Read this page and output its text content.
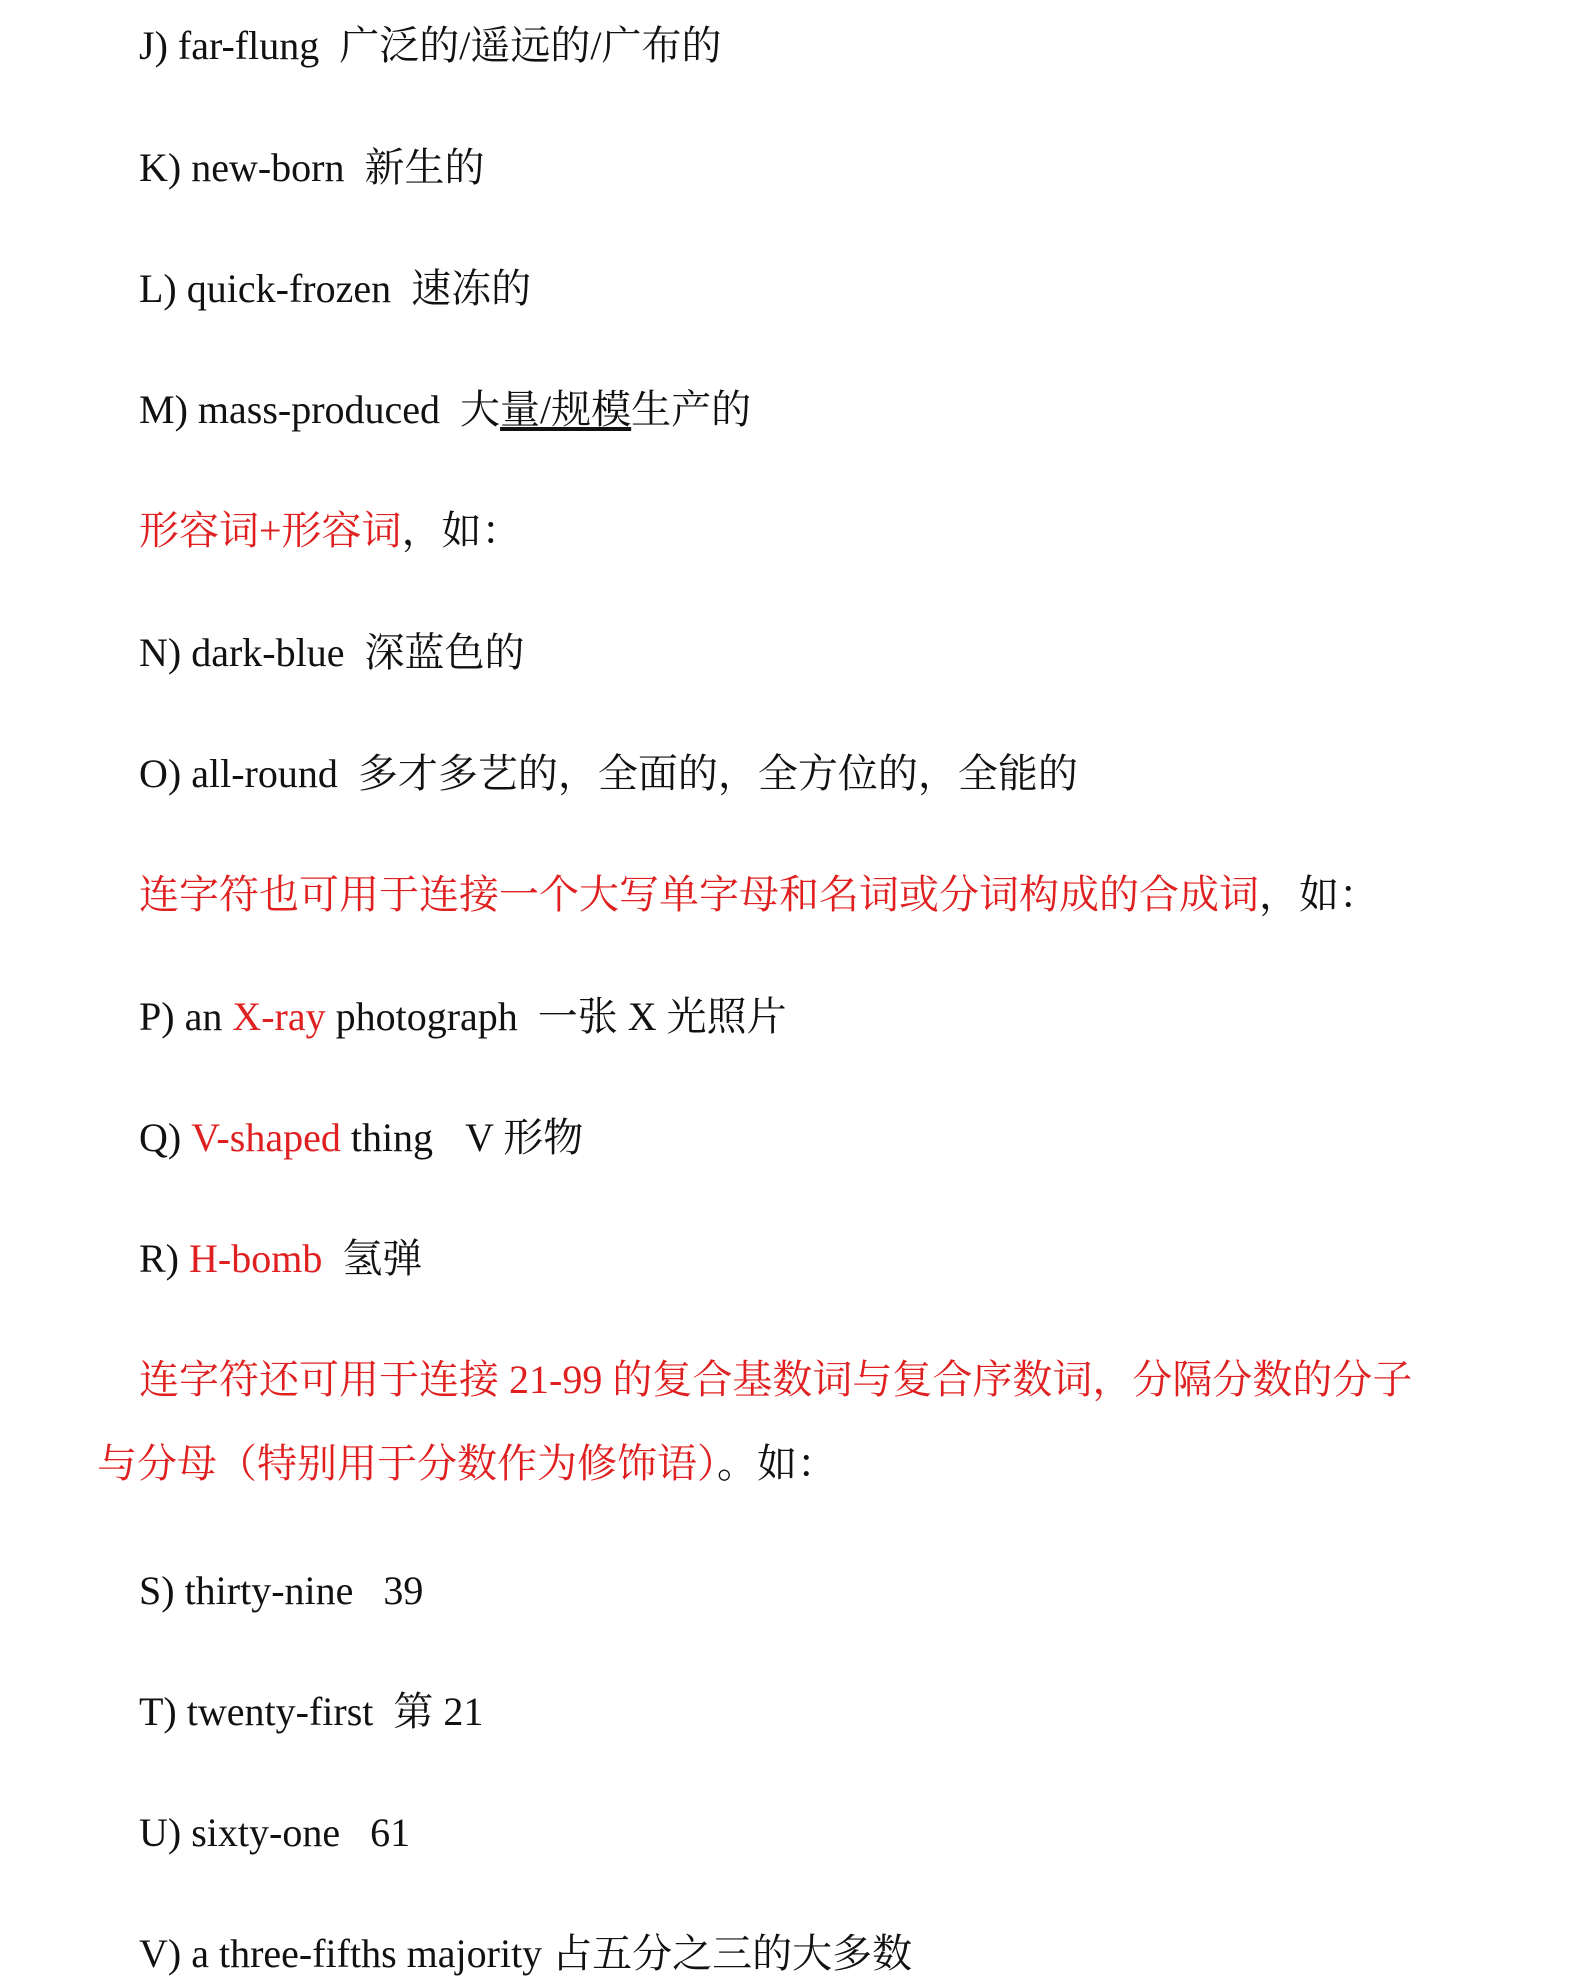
J) far-flung 广泛的/遥远的/广布的
K) new-born 新生的
L) quick-frozen 速冻的
M) mass-produced 大量/规模生产的
形容词+形容词，如：
N) dark-blue 深蓝色的
O) all-round 多才多艺的，全面的，全方位的，全能的
连字符也可用于连接一个大写单字母和名词或分词构成的合成词，如：
P) an X-ray photograph 一张 X 光照片
Q) V-shaped thing V 形物
R) H-bomb 氢弹
连字符还可用于连接 21-99 的复合基数词与复合序数词，分隔分数的分子
与分母（特别用于分数作为修饰语）。如：
S) thirty-nine 39
T) twenty-first 第 21
U) sixty-one 61
V) a three-fifths majority 占五分之三的大多数
